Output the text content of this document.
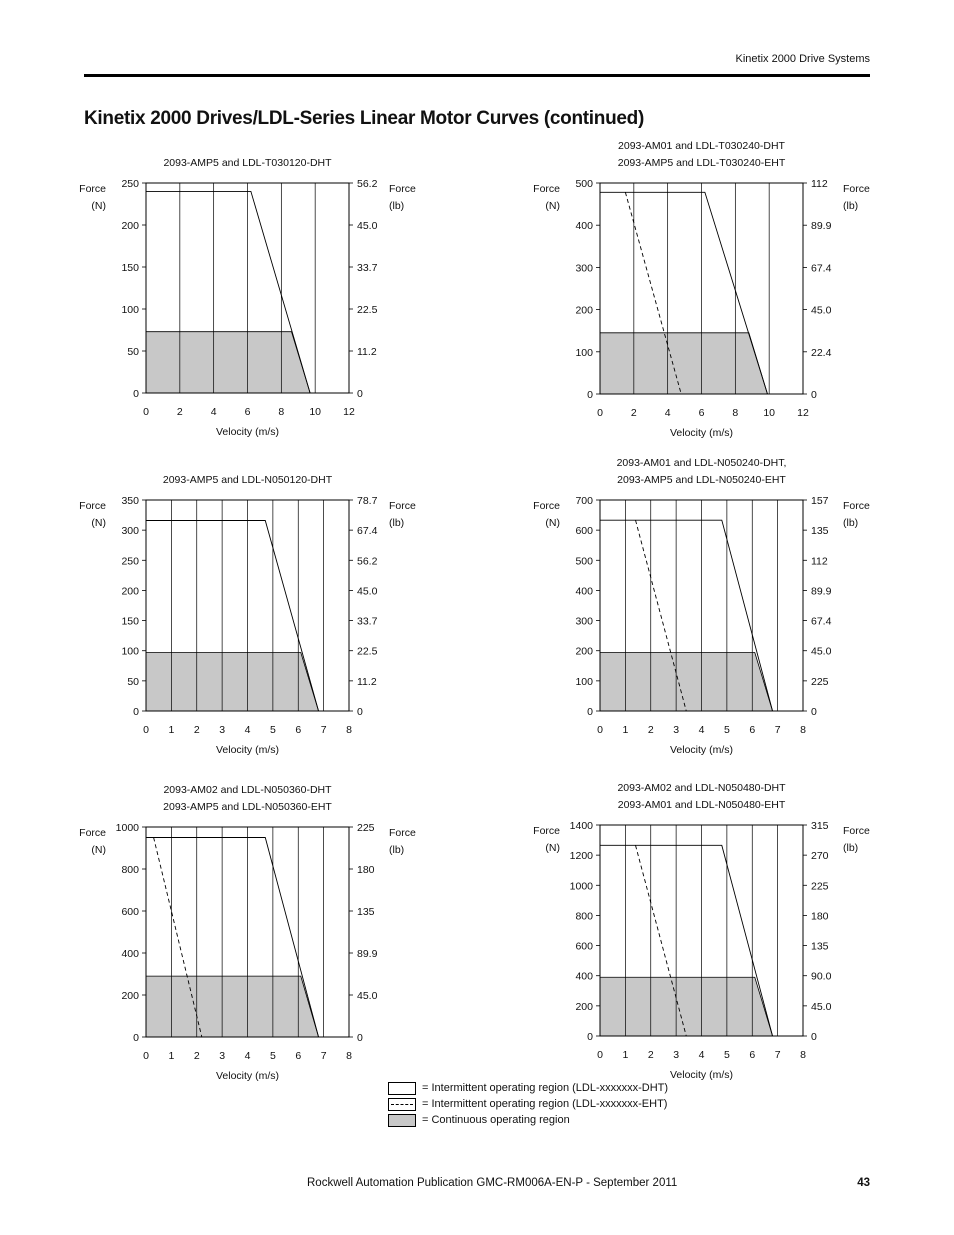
Kinetix 2000 Drive Systems
Kinetix 2000 Drives/LDL-Series Linear Motor Curves (continued)
0
50
100
150
200
250
0
11.2
22.5
33.7
45.0
56.2
0	2	4	6	8 10 12
Velocity (m/s)
Force
(N)
Force
(lb)
2093-AMP5 and LDL-T030120-DHT
0
100
200
300
400
500
0
22.4
45.0
67.4
89.9
112
0	2	4	6	8 10 12
Velocity (m/s)
Force
(N)
Force
(lb)
2093-AM01 and LDL-T030240-DHT
2093-AMP5 and LDL-T030240-EHT
0
50
100
150
200
250
300
350
0
11.2
22.5
33.7
45.0
56.2
67.4
78.7
0 1 2 3 4 5 6 7 8
Velocity (m/s)
Force
(N)
Force
(lb)
2093-AMP5 and LDL-N050120-DHT
0
100
200
300
400
500
600
700
0
225
45.0
67.4
89.9
112
135
157
0 1 2 3 4 5 6 7 8
Velocity (m/s)
Force
(N)
Force
(lb)
2093-AM01 and LDL-N050240-DHT,
2093-AMP5 and LDL-N050240-EHT
0
200
400
600
800
1000
0
45.0
89.9
135
180
225
0 1 2 3 4 5 6 7 8
Velocity (m/s)
Force
(N)
Force
(lb)
2093-AM02 and LDL-N050360-DHT
2093-AMP5 and LDL-N050360-EHT
0
200
400
600
800
1000
1200
1400
0
45.0
90.0
135
180
225
270
315
0 1 2 3 4 5 6 7 8
Velocity (m/s)
Force
(N)
Force
(lb)
2093-AM02 and LDL-N050480-DHT
2093-AM01 and LDL-N050480-EHT
= Intermittent operating region (LDL-xxxxxxx-DHT)
= Intermittent operating region (LDL-xxxxxxx-EHT)
= Continuous operating region
Rockwell Automation Publication GMC-RM006A-EN-P - September 2011	43
